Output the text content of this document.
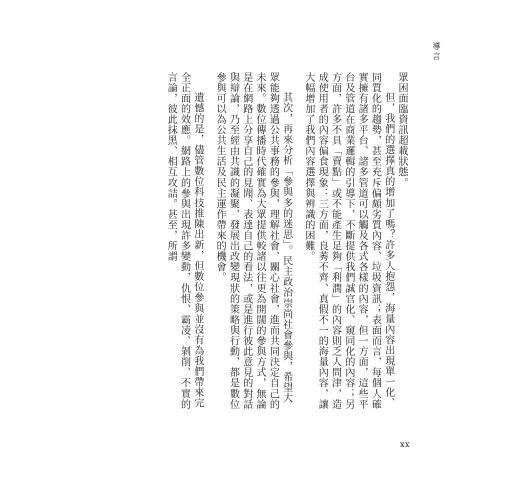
導言

眾困面臨資訊超載狀態。

但，我們的選擇真的增加了嗎？許多人抱怨，海量內容出現單一化、同質化的趨勢，甚至充斥偏頗劣質內容、垃圾資訊；表面而言，每個人確實擁有諸多平台、諸多管道可以觸及各式各樣的內容，但一方面，這些平台及管道在商業邏輯的引導下，不斷提供我們誠官化、窺同化的內容；另方面，許多不具「賣點」或不能產生足夠「利潤」的內容則乏人問津，造成使用者的內容偏食現象：三方面，良莠不齊、真假不一的海量內容，讓大幅增加了我們內容選擇與辨識的困難。

其次，再來分析「參與多的迷思」。民主政治崇尚社會參與，希望大眾能夠透過公共事務的參與，理解社會、關心社會，進而共同決定自己的未來。數位傳播時代確實為大眾提供較諸以往更為開闊的參與方式，無論是在網路上分享自己的見聞、表達自己的看法，或是進行彼此意見的對話與辯論，乃至經由共識的凝聚，發展出改變現狀的策略與行動，都是數位參與可以為公共生活及民主運作帶來的機會。

遺憾的是，儘管數位科技推陳出新，但數位參與並沒有為我們帶來完全正面的效應。網路上的參與出現許多變動，仇恨、霸凌、剝削、不實的言論，彼此抹黑、相互攻詰。甚至，所謂

xx
